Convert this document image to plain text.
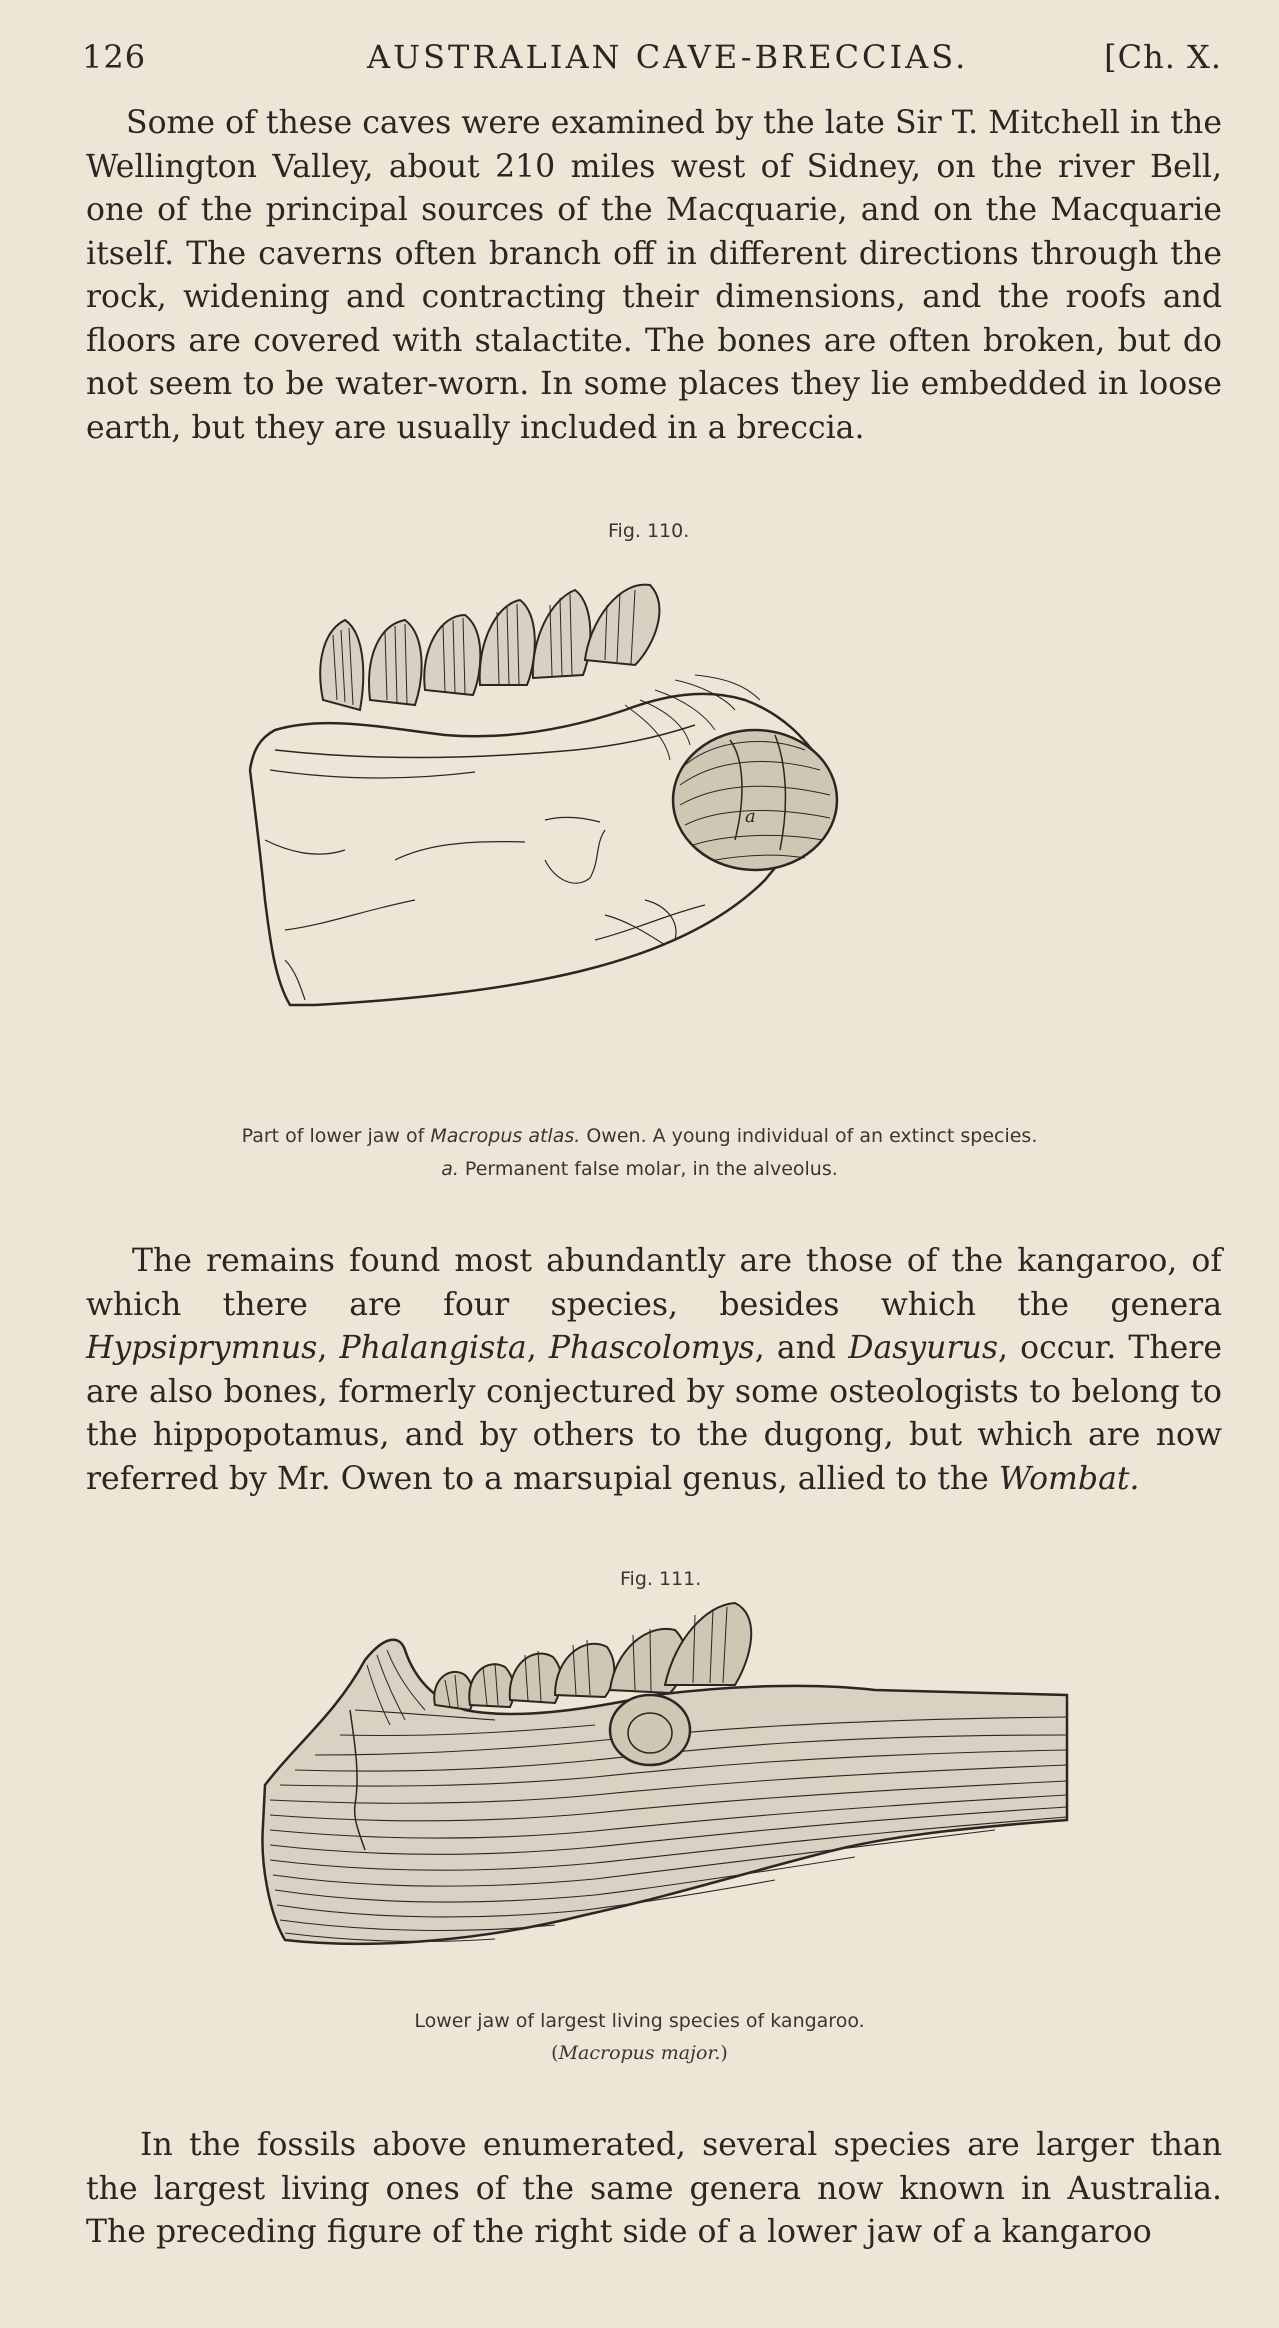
126	AUSTRALIAN CAVE-BRECCIAS.	[Ch. X.

Some of these caves were examined by the late Sir T. Mitchell in the Wellington Valley, about 210 miles west of Sidney, on the river Bell, one of the principal sources of the Macquarie, and on the Macquarie itself. The caverns often branch off in different directions through the rock, widening and contracting their dimensions, and the roofs and floors are covered with stalactite. The bones are often broken, but do not seem to be water-worn. In some places they lie embedded in loose earth, but they are usually included in a breccia.

Fig. 110.
a

Part of lower jaw of Macropus atlas. Owen. A young individual of an extinct species.

a. Permanent false molar, in the alveolus.

The remains found most abundantly are those of the kangaroo, of which there are four species, besides which the genera Hypsiprymnus, Phalangista, Phascolomys, and Dasyurus, occur. There are also bones, formerly conjectured by some osteologists to belong to the hippopotamus, and by others to the dugong, but which are now referred by Mr. Owen to a marsupial genus, allied to the Wombat.

Fig. 111.

Lower jaw of largest living species of kangaroo.

(Macropus major.)

In the fossils above enumerated, several species are larger than the largest living ones of the same genera now known in Australia. The preceding figure of the right side of a lower jaw of a kangaroo
